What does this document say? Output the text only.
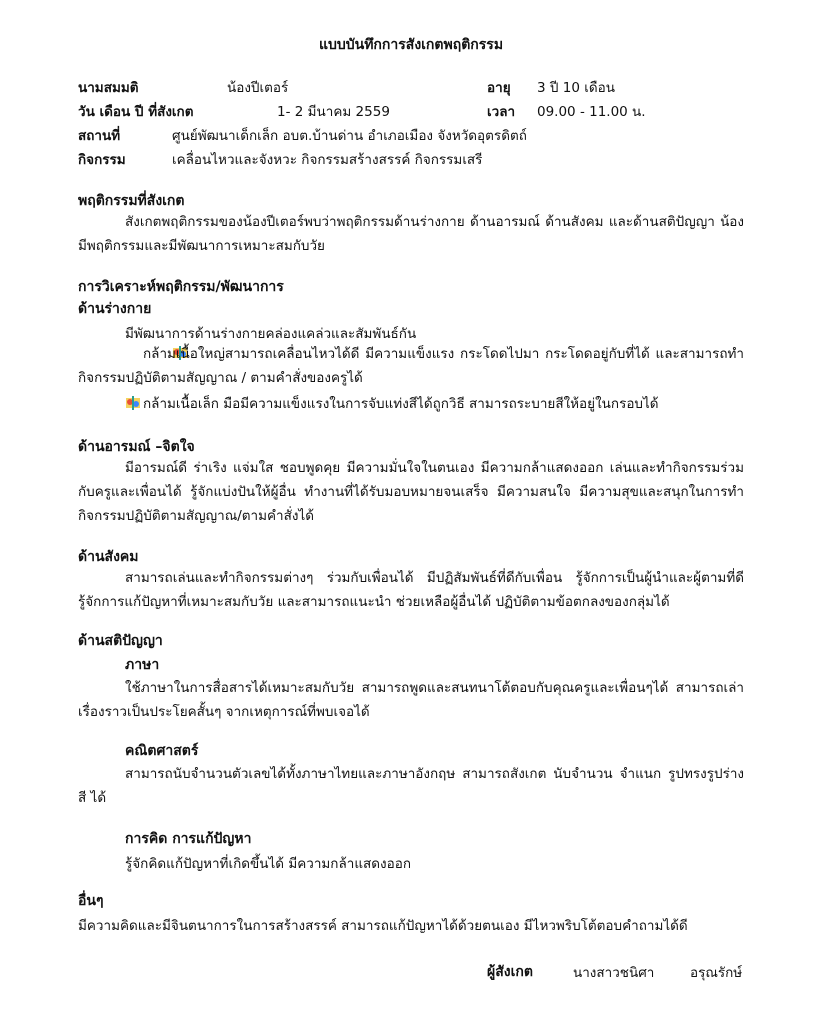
แบบบันทึกการสังเกตพฤติกรรม
นามสมมติ	น้องปีเตอร์	อายุ 3 ปี 10 เดือน
วัน เดือน ปี ที่สังเกต	1- 2 มีนาคม 2559	เวลา 09.00 - 11.00 น.
สถานที่	ศูนย์พัฒนาเด็กเล็ก อบต.บ้านด่าน อำเภอเมือง จังหวัดอุตรดิตถ์
กิจกรรม	เคลื่อนไหวและจังหวะ กิจกรรมสร้างสรรค์ กิจกรรมเสรี
พฤติกรรมที่สังเกต
สังเกตพฤติกรรมของน้องปีเตอร์พบว่าพฤติกรรมด้านร่างกาย ด้านอารมณ์ ด้านสังคม และด้านสติปัญญา น้องมีพฤติกรรมและมีพัฒนาการเหมาะสมกับวัย
การวิเคราะห์พฤติกรรม/พัฒนาการ
ด้านร่างกาย
มีพัฒนาการด้านร่างกายคล่องแคล่วและสัมพันธ์กัน
กล้ามเนื้อใหญ่สามารถเคลื่อนไหวได้ดี มีความแข็งแรง กระโดดไปมา กระโดดอยู่กับที่ได้ และสามารถทำกิจกรรมปฏิบัติตามสัญญาณ / ตามคำสั่งของครูได้
กล้ามเนื้อเล็ก มือมีความแข็งแรงในการจับแท่งสีได้ถูกวิธี สามารถระบายสีให้อยู่ในกรอบได้
ด้านอารมณ์ –จิตใจ
มีอารมณ์ดี ร่าเริง แจ่มใส ชอบพูดคุย มีความมั่นใจในตนเอง มีความกล้าแสดงออก เล่นและทำกิจกรรมร่วมกับครูและเพื่อนได้ รู้จักแบ่งปันให้ผู้อื่น ทำงานที่ได้รับมอบหมายจนเสร็จ มีความสนใจ มีความสุขและสนุกในการทำกิจกรรมปฏิบัติตามสัญญาณ/ตามคำสั่งได้
ด้านสังคม
สามารถเล่นและทำกิจกรรมต่างๆ ร่วมกับเพื่อนได้ มีปฏิสัมพันธ์ที่ดีกับเพื่อน รู้จักการเป็นผู้นำและผู้ตามที่ดี รู้จักการแก้ปัญหาที่เหมาะสมกับวัย และสามารถแนะนำ ช่วยเหลือผู้อื่นได้ ปฏิบัติตามข้อตกลงของกลุ่มได้
ด้านสติปัญญา
ภาษา
ใช้ภาษาในการสื่อสารได้เหมาะสมกับวัย สามารถพูดและสนทนาโต้ตอบกับคุณครูและเพื่อนๆได้ สามารถเล่าเรื่องราวเป็นประโยคสั้นๆ จากเหตุการณ์ที่พบเจอได้
คณิตศาสตร์
สามารถนับจำนวนตัวเลขได้ทั้งภาษาไทยและภาษาอังกฤษ สามารถสังเกต นับจำนวน จำแนก รูปทรงรูปร่าง สี ได้
การคิด การแก้ปัญหา
รู้จักคิดแก้ปัญหาที่เกิดขึ้นได้ มีความกล้าแสดงออก
อื่นๆ
มีความคิดและมีจินตนาการในการสร้างสรรค์ สามารถแก้ปัญหาได้ด้วยตนเอง มีไหวพริบโต้ตอบคำถามได้ดี
ผู้สังเกต	นางสาวชนิศา	อรุณรักษ์
